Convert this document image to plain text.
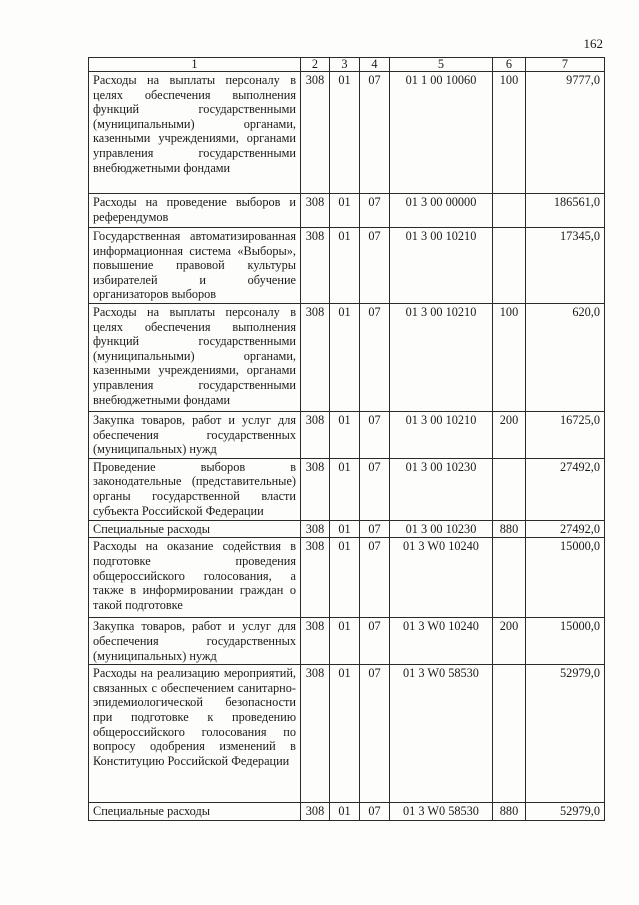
162
1	2	3	4	5	6	7
Расходы на выплаты персоналу в целях обеспечения выполнения функций государственными (муниципальными) органами, казенными учреждениями, органами управления государственными внебюджетными фондами	308	01	07	01 1 00 10060	100	9777,0
Расходы на проведение выборов и референдумов	308	01	07	01 3 00 00000		186561,0
Государственная автоматизированная информационная система «Выборы», повышение правовой культуры избирателей и обучение организаторов выборов	308	01	07	01 3 00 10210		17345,0
Расходы на выплаты персоналу в целях обеспечения выполнения функций государственными (муниципальными) органами, казенными учреждениями, органами управления государственными внебюджетными фондами	308	01	07	01 3 00 10210	100	620,0
Закупка товаров, работ и услуг для обеспечения государственных (муниципальных) нужд	308	01	07	01 3 00 10210	200	16725,0
Проведение выборов в законодательные (представительные) органы государственной власти субъекта Российской Федерации	308	01	07	01 3 00 10230		27492,0
Специальные расходы	308	01	07	01 3 00 10230	880	27492,0
Расходы на оказание содействия в подготовке проведения общероссийского голосования, а также в информировании граждан о такой подготовке	308	01	07	01 3 W0 10240		15000,0
Закупка товаров, работ и услуг для обеспечения государственных (муниципальных) нужд	308	01	07	01 3 W0 10240	200	15000,0
Расходы на реализацию мероприятий, связанных с обеспечением санитарно-эпидемиологической безопасности при подготовке к проведению общероссийского голосования по вопросу одобрения изменений в Конституцию Российской Федерации	308	01	07	01 3 W0 58530		52979,0
Специальные расходы	308	01	07	01 3 W0 58530	880	52979,0
